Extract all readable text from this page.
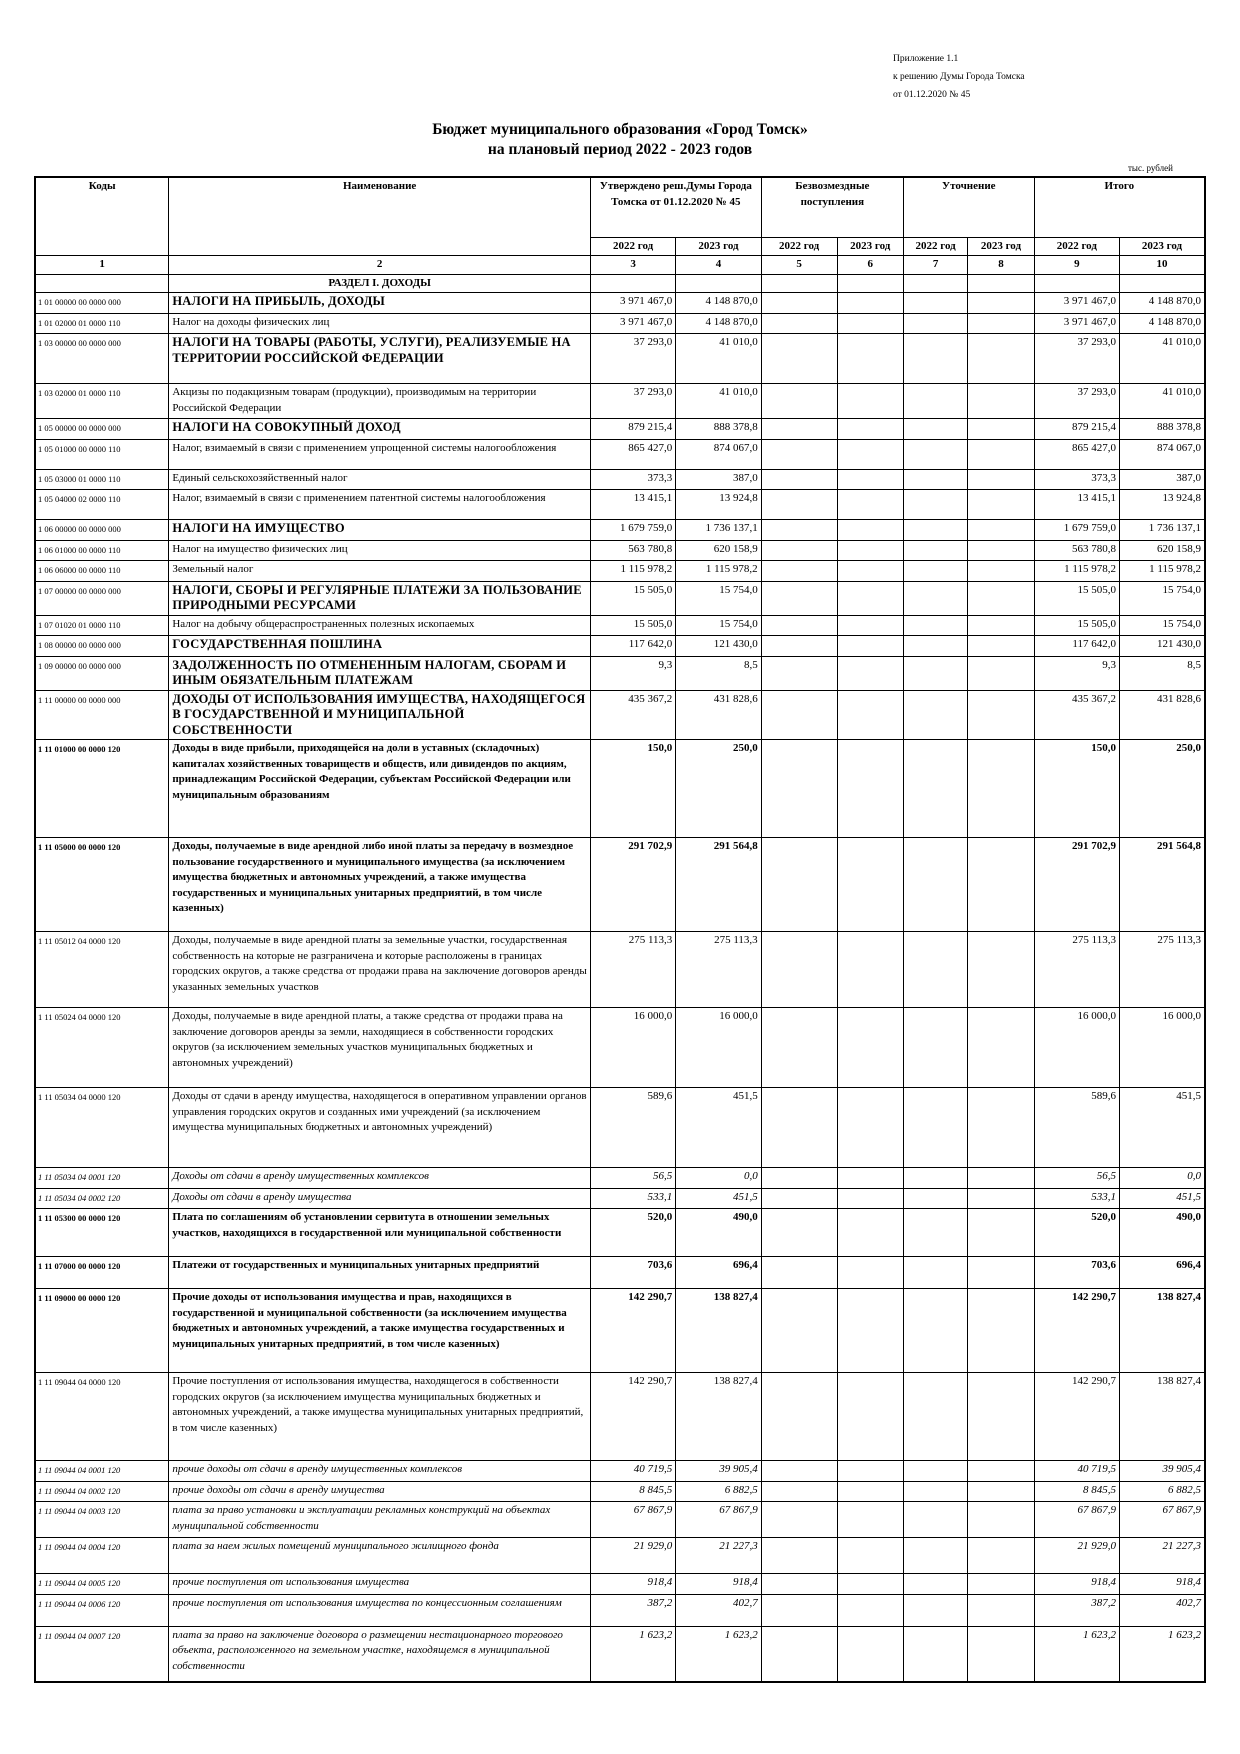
Приложение 1.1
к решению Думы Города Томска
от 01.12.2020 № 45
Бюджет муниципального образования «Город Томск»
на плановый период 2022 - 2023 годов
тыс. рублей
Коды	Наименование	Утверждено реш.Думы Города Томска от 01.12.2020 № 45		Безвозмездные поступления		Уточнение		Итого	
		2022 год	2023 год	2022 год	2023 год	2022 год	2023 год	2022 год	2023 год
1	2	3	4	5	6	7	8	9	10
	РАЗДЕЛ I. ДОХОДЫ								
1 01 00000 00 0000 000	НАЛОГИ НА ПРИБЫЛЬ, ДОХОДЫ	3 971 467,0	4 148 870,0					3 971 467,0	4 148 870,0
1 01 02000 01 0000 110	Налог на доходы физических лиц	3 971 467,0	4 148 870,0					3 971 467,0	4 148 870,0
1 03 00000 00 0000 000	НАЛОГИ НА ТОВАРЫ (РАБОТЫ, УСЛУГИ), РЕАЛИЗУЕМЫЕ НА ТЕРРИТОРИИ РОССИЙСКОЙ ФЕДЕРАЦИИ	37 293,0	41 010,0					37 293,0	41 010,0
1 03 02000 01 0000 110	Акцизы по подакцизным товарам (продукции), производимым на территории Российской Федерации	37 293,0	41 010,0					37 293,0	41 010,0
1 05 00000 00 0000 000	НАЛОГИ НА СОВОКУПНЫЙ ДОХОД	879 215,4	888 378,8					879 215,4	888 378,8
1 05 01000 00 0000 110	Налог, взимаемый в связи с применением упрощенной системы налогообложения	865 427,0	874 067,0					865 427,0	874 067,0
1 05 03000 01 0000 110	Единый сельскохозяйственный налог	373,3	387,0					373,3	387,0
1 05 04000 02 0000 110	Налог, взимаемый в связи с применением патентной системы налогообложения	13 415,1	13 924,8					13 415,1	13 924,8
1 06 00000 00 0000 000	НАЛОГИ НА ИМУЩЕСТВО	1 679 759,0	1 736 137,1					1 679 759,0	1 736 137,1
1 06 01000 00 0000 110	Налог на имущество физических лиц	563 780,8	620 158,9					563 780,8	620 158,9
1 06 06000 00 0000 110	Земельный налог	1 115 978,2	1 115 978,2					1 115 978,2	1 115 978,2
1 07 00000 00 0000 000	НАЛОГИ, СБОРЫ И РЕГУЛЯРНЫЕ ПЛАТЕЖИ ЗА ПОЛЬЗОВАНИЕ ПРИРОДНЫМИ РЕСУРСАМИ	15 505,0	15 754,0					15 505,0	15 754,0
1 07 01020 01 0000 110	Налог на добычу общераспространенных полезных ископаемых	15 505,0	15 754,0					15 505,0	15 754,0
1 08 00000 00 0000 000	ГОСУДАРСТВЕННАЯ ПОШЛИНА	117 642,0	121 430,0					117 642,0	121 430,0
1 09 00000 00 0000 000	ЗАДОЛЖЕННОСТЬ ПО ОТМЕНЕННЫМ НАЛОГАМ, СБОРАМ И ИНЫМ ОБЯЗАТЕЛЬНЫМ ПЛАТЕЖАМ	9,3	8,5					9,3	8,5
1 11 00000 00 0000 000	ДОХОДЫ ОТ ИСПОЛЬЗОВАНИЯ ИМУЩЕСТВА, НАХОДЯЩЕГОСЯ В ГОСУДАРСТВЕННОЙ И МУНИЦИПАЛЬНОЙ СОБСТВЕННОСТИ	435 367,2	431 828,6					435 367,2	431 828,6
1 11 01000 00 0000 120	Доходы в виде прибыли, приходящейся на доли в уставных (складочных) капиталах хозяйственных товариществ и обществ, или дивидендов по акциям, принадлежащим Российской Федерации, субъектам Российской Федерации или муниципальным образованиям	150,0	250,0					150,0	250,0
1 11 05000 00 0000 120	Доходы, получаемые в виде арендной либо иной платы за передачу в возмездное пользование государственного и муниципального имущества (за исключением имущества бюджетных и автономных учреждений, а также имущества государственных и муниципальных унитарных предприятий, в том числе казенных)	291 702,9	291 564,8					291 702,9	291 564,8
1 11 05012 04 0000 120	Доходы, получаемые в виде арендной платы за земельные участки, государственная собственность на которые не разграничена и которые расположены в границах городских округов, а также средства от продажи права на заключение договоров аренды указанных земельных участков	275 113,3	275 113,3					275 113,3	275 113,3
1 11 05024 04 0000 120	Доходы, получаемые в виде арендной платы, а также средства от продажи права на заключение договоров аренды за земли, находящиеся в собственности городских округов (за исключением земельных участков муниципальных бюджетных и автономных учреждений)	16 000,0	16 000,0					16 000,0	16 000,0
1 11 05034 04 0000 120	Доходы от сдачи в аренду имущества, находящегося в оперативном управлении органов управления городских округов и созданных ими учреждений (за исключением имущества муниципальных бюджетных и автономных учреждений)	589,6	451,5					589,6	451,5
1 11 05034 04 0001 120	Доходы от сдачи в аренду имущественных комплексов	56,5	0,0					56,5	0,0
1 11 05034 04 0002 120	Доходы от сдачи в аренду имущества	533,1	451,5					533,1	451,5
1 11 05300 00 0000 120	Плата по соглашениям об установлении сервитута в отношении земельных участков, находящихся в государственной или муниципальной собственности	520,0	490,0					520,0	490,0
1 11 07000 00 0000 120	Платежи от государственных и муниципальных унитарных предприятий	703,6	696,4					703,6	696,4
1 11 09000 00 0000 120	Прочие доходы от использования имущества и прав, находящихся в государственной и муниципальной собственности (за исключением имущества бюджетных и автономных учреждений, а также имущества государственных и муниципальных унитарных предприятий, в том числе казенных)	142 290,7	138 827,4					142 290,7	138 827,4
1 11 09044 04 0000 120	Прочие поступления от использования имущества, находящегося в собственности городских округов (за исключением имущества муниципальных бюджетных и автономных учреждений, а также имущества муниципальных унитарных предприятий, в том числе казенных)	142 290,7	138 827,4					142 290,7	138 827,4
1 11 09044 04 0001 120	прочие доходы от сдачи в аренду имущественных комплексов	40 719,5	39 905,4					40 719,5	39 905,4
1 11 09044 04 0002 120	прочие доходы от сдачи в аренду имущества	8 845,5	6 882,5					8 845,5	6 882,5
1 11 09044 04 0003 120	плата за право установки и эксплуатации рекламных конструкций на объектах муниципальной собственности	67 867,9	67 867,9					67 867,9	67 867,9
1 11 09044 04 0004 120	плата за наем жилых помещений муниципального жилищного фонда	21 929,0	21 227,3					21 929,0	21 227,3
1 11 09044 04 0005 120	прочие поступления от использования имущества	918,4	918,4					918,4	918,4
1 11 09044 04 0006 120	прочие поступления от использования имущества по концессионным соглашениям	387,2	402,7					387,2	402,7
1 11 09044 04 0007 120	плата за право на заключение договора о размещении нестационарного торгового объекта, расположенного на земельном участке, находящемся в муниципальной собственности	1 623,2	1 623,2					1 623,2	1 623,2
